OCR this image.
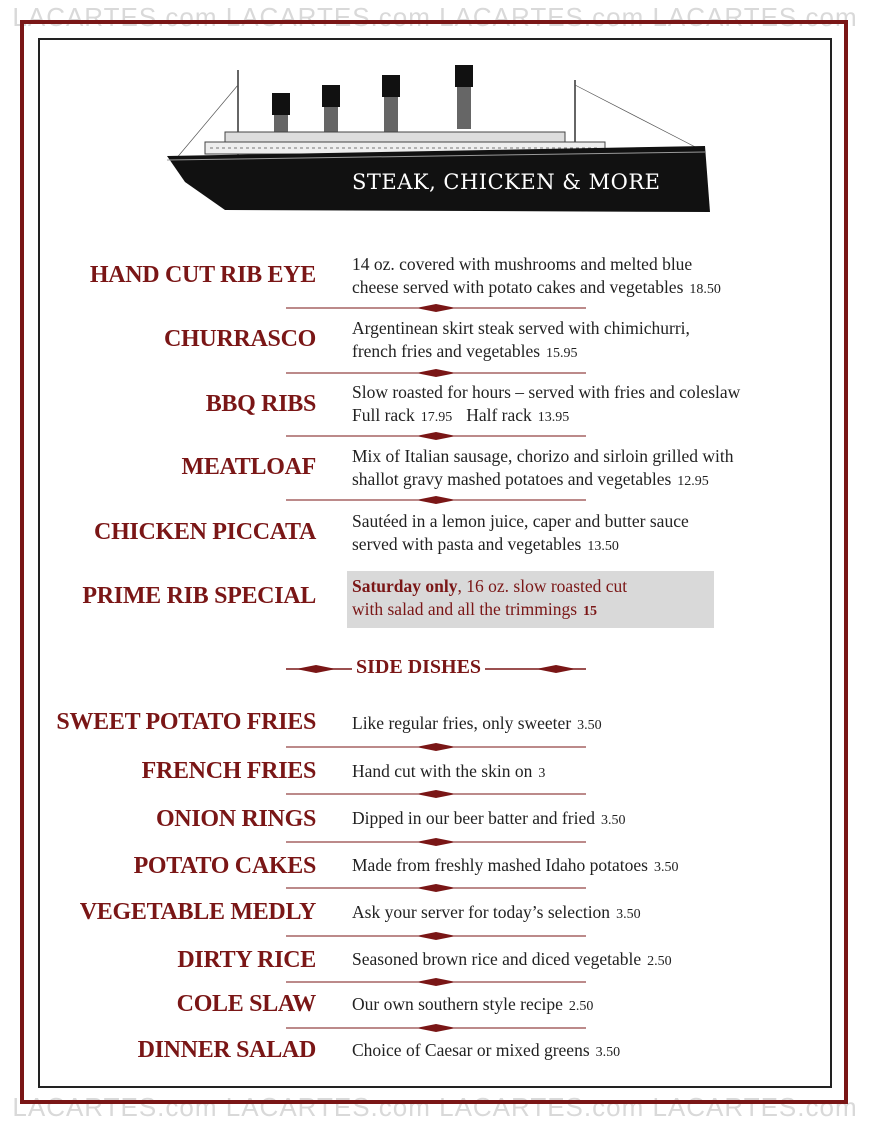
LACARTES.com LACARTES.com LACARTES.com LACARTES.com
LACARTES.com LACARTES.com LACARTES.com LACARTES.com
STEAK, CHICKEN & MORE
HAND CUT RIB EYE 14 oz. covered with mushrooms and melted blue
cheese served with potato cakes and vegetables 18.50
CHURRASCO Argentinean skirt steak served with chimichurri,
french fries and vegetables 15.95
BBQ RIBS Slow roasted for hours – served with fries and coleslaw
Full rack 17.95 Half rack 13.95
MEATLOAF Mix of Italian sausage, chorizo and sirloin grilled with
shallot gravy mashed potatoes and vegetables 12.95
CHICKEN PICCATA Sautéed in a lemon juice, caper and butter sauce
served with pasta and vegetables 13.50
PRIME RIB SPECIAL Saturday only, 16 oz. slow roasted cut
with salad and all the trimmings 15
SIDE DISHES
SWEET POTATO FRIES Like regular fries, only sweeter 3.50
FRENCH FRIES Hand cut with the skin on 3
ONION RINGS Dipped in our beer batter and fried 3.50
POTATO CAKES Made from freshly mashed Idaho potatoes 3.50
VEGETABLE MEDLY Ask your server for today’s selection 3.50
DIRTY RICE Seasoned brown rice and diced vegetable 2.50
COLE SLAW Our own southern style recipe 2.50
DINNER SALAD Choice of Caesar or mixed greens 3.50
